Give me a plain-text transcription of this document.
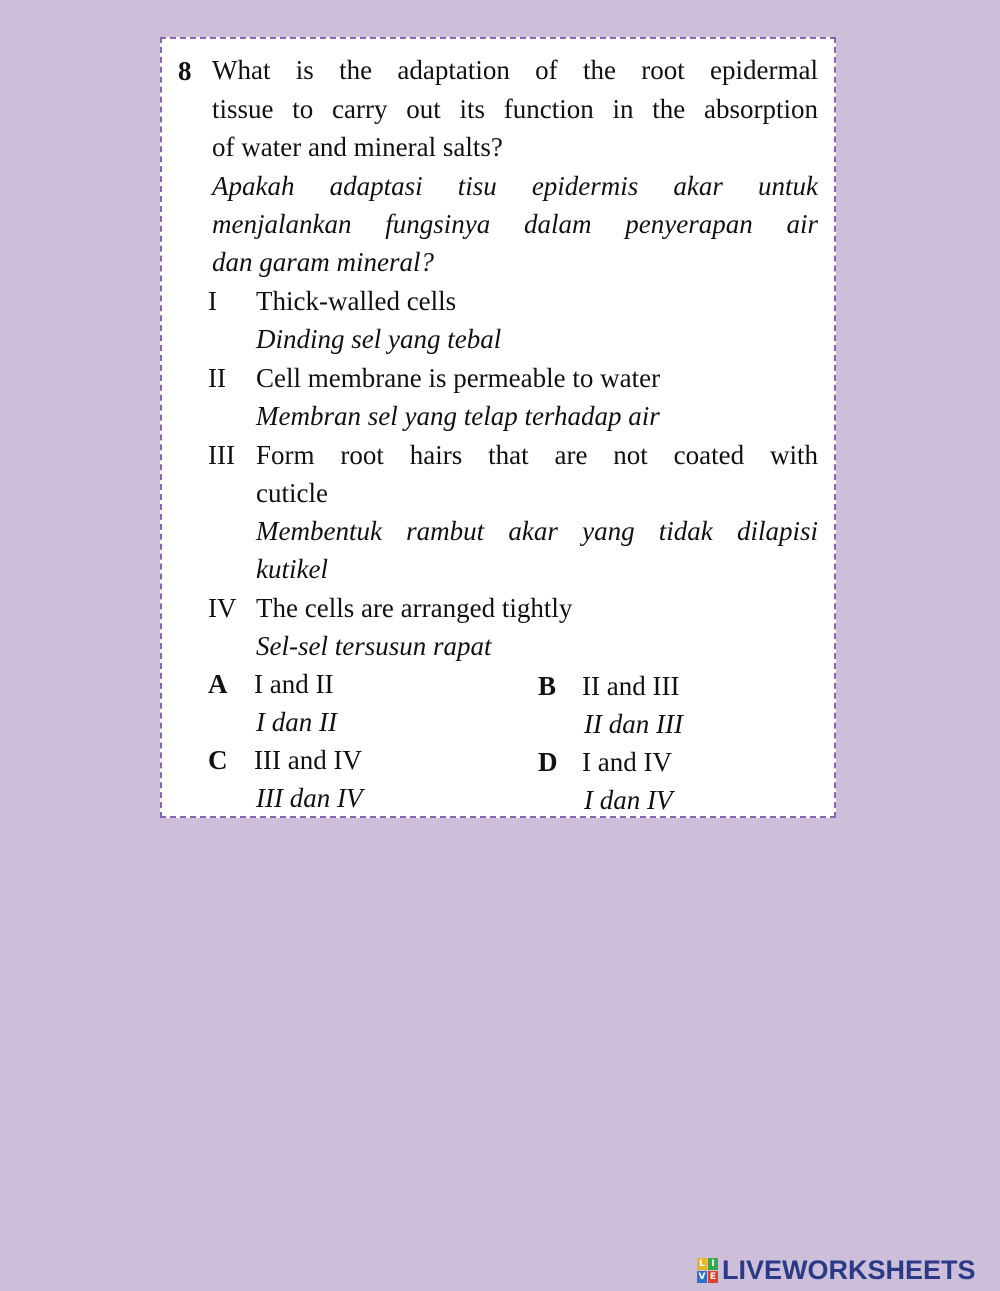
8 What is the adaptation of the root epidermal
tissue to carry out its function in the absorption
of water and mineral salts?
Apakah adaptasi tisu epidermis akar untuk
menjalankan fungsinya dalam penyerapan air
dan garam mineral?
I Thick-walled cells
Dinding sel yang tebal
II Cell membrane is permeable to water
Membran sel yang telap terhadap air
III Form root hairs that are not coated with
cuticle
Membentuk rambut akar yang tidak dilapisi
kutikel
IV The cells are arranged tightly
Sel-sel tersusun rapat
A I and II
I dan II
B II and III
II dan III
C III and IV
III dan IV
D I and IV
I dan IV
L I
V E LIVEWORKSHEETS
